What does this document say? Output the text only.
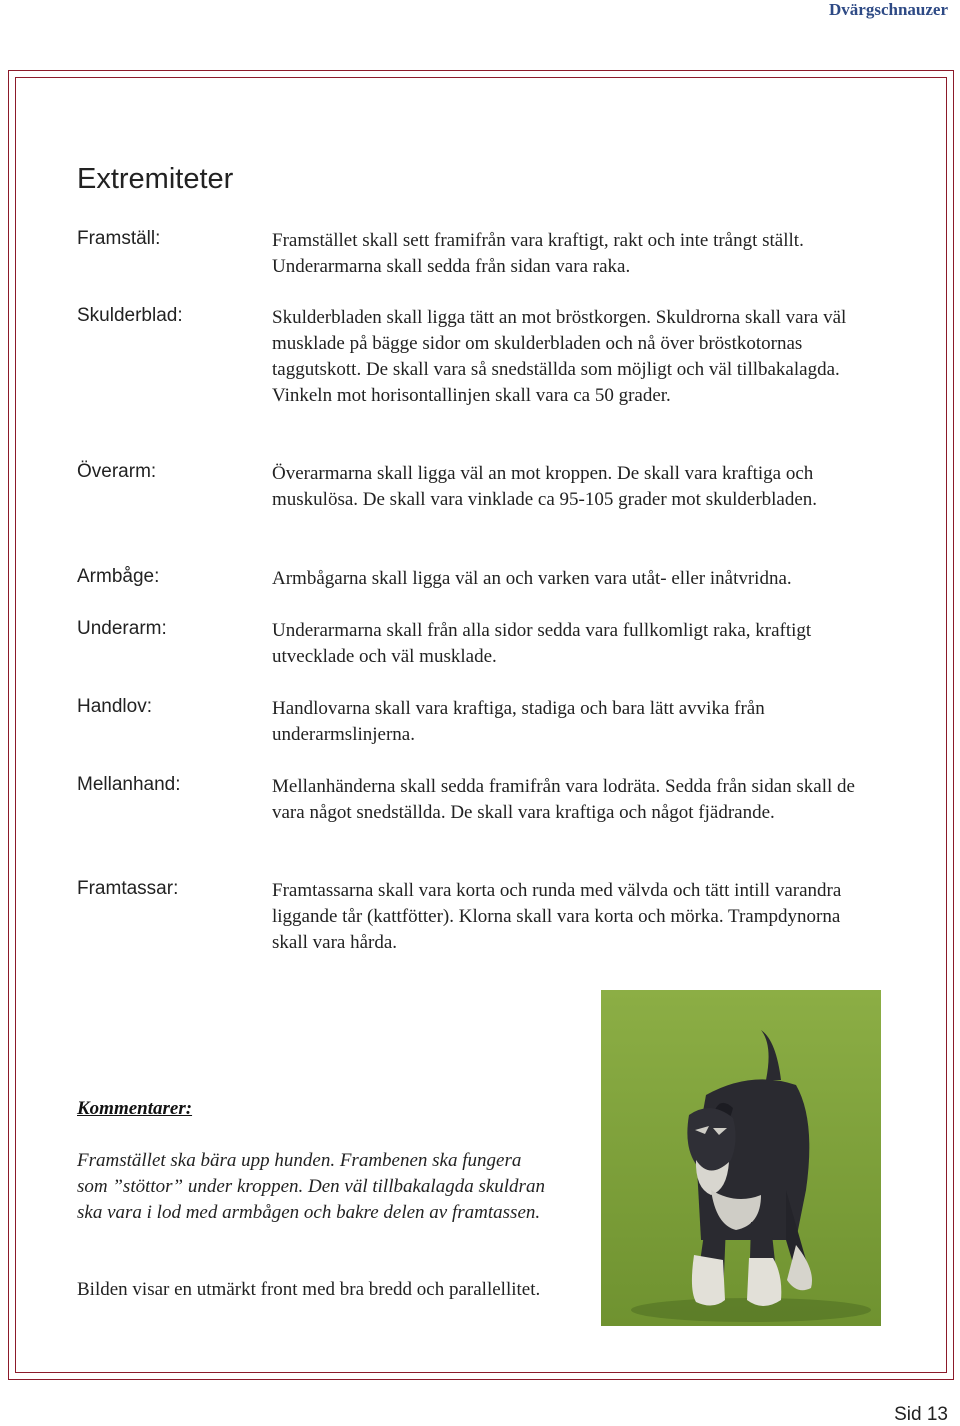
Dvärgschnauzer
Extremiteter
Framställ:	Framstället skall sett framifrån vara kraftigt, rakt och inte trångt ställt. Underarmarna skall sedda från sidan vara raka.

Skulderblad:	Skulderbladen skall ligga tätt an mot bröstkorgen. Skuldrorna skall vara väl musklade på bägge sidor om skulderbladen och nå över bröstkotornas taggutskott. De skall vara så snedställda som möjligt och väl tillbakalagda. Vinkeln mot horisontallinjen skall vara ca 50 grader.

Överarm:	Överarmarna skall ligga väl an mot kroppen. De skall vara kraftiga och muskulösa. De skall vara vinklade ca 95-105 grader mot skulderbladen.

Armbåge:	Armbågarna skall ligga väl an och varken vara utåt- eller inåtvridna.

Underarm:	Underarmarna skall från alla sidor sedda vara fullkomligt raka, kraftigt utvecklade och väl musklade.

Handlov:	Handlovarna skall vara kraftiga, stadiga och bara lätt avvika från underarmslinjerna.

Mellanhand:	Mellanhänderna skall sedda framifrån vara lodräta. Sedda från sidan skall de vara något snedställda. De skall vara kraftiga och något fjädrande.

Framtassar:	Framtassarna skall vara korta och runda med välvda och tätt intill varandra liggande tår (kattfötter). Klorna skall vara korta och mörka. Trampdynorna skall vara hårda.

Kommentarer:

Framstället ska bära upp hunden. Frambenen ska fungera som ”stöttor” under kroppen. Den väl tillbakalagda skuldran ska vara i lod med armbågen och bakre delen av framtassen.

Bilden visar en utmärkt front med bra bredd och parallellitet.

Sid 13
